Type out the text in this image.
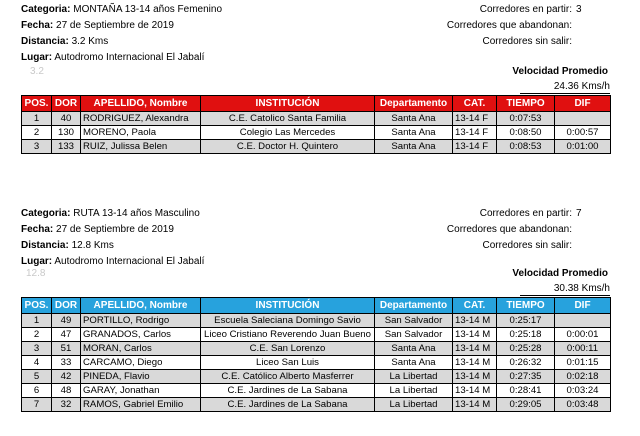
Categoria: MONTAÑA 13-14 años Femenino
Fecha: 27 de Septiembre de 2019
Distancia: 3.2 Kms
Lugar: Autodromo Internacional El Jabalí
3.2
Corredores en partir: 3
Corredores que abandonan:
Corredores sin salir:
Velocidad Promedio
24.36 Kms/h
POS.	DOR	APELLIDO, Nombre	INSTITUCIÓN	Departamento	CAT.	TIEMPO	DIF
1	40	RODRIGUEZ, Alexandra	C.E. Catolico Santa Familia	Santa Ana	13-14 F	0:07:53	
2	130	MORENO, Paola	Colegio Las Mercedes	Santa Ana	13-14 F	0:08:50	0:00:57
3	133	RUIZ, Julissa Belen	C.E. Doctor H. Quintero	Santa Ana	13-14 F	0:08:53	0:01:00
Categoria: RUTA 13-14 años Masculino
Fecha: 27 de Septiembre de 2019
Distancia: 12.8 Kms
Lugar: Autodromo Internacional El Jabalí
12.8
Corredores en partir: 7
Corredores que abandonan:
Corredores sin salir:
Velocidad Promedio
30.38 Kms/h
POS.	DOR	APELLIDO, Nombre	INSTITUCIÓN	Departamento	CAT.	TIEMPO	DIF
1	49	PORTILLO, Rodrigo	Escuela Saleciana Domingo Savio	San Salvador	13-14 M	0:25:17	
2	47	GRANADOS, Carlos	Liceo Cristiano Reverendo Juan Bueno	San Salvador	13-14 M	0:25:18	0:00:01
3	51	MORAN, Carlos	C.E. San Lorenzo	Santa Ana	13-14 M	0:25:28	0:00:11
4	33	CARCAMO, Diego	Liceo San Luis	Santa Ana	13-14 M	0:26:32	0:01:15
5	42	PINEDA, Flavio	C.E. Católico Alberto Masferrer	La Libertad	13-14 M	0:27:35	0:02:18
6	48	GARAY, Jonathan	C.E. Jardines de La Sabana	La Libertad	13-14 M	0:28:41	0:03:24
7	32	RAMOS, Gabriel Emilio	C.E. Jardines de La Sabana	La Libertad	13-14 M	0:29:05	0:03:48
